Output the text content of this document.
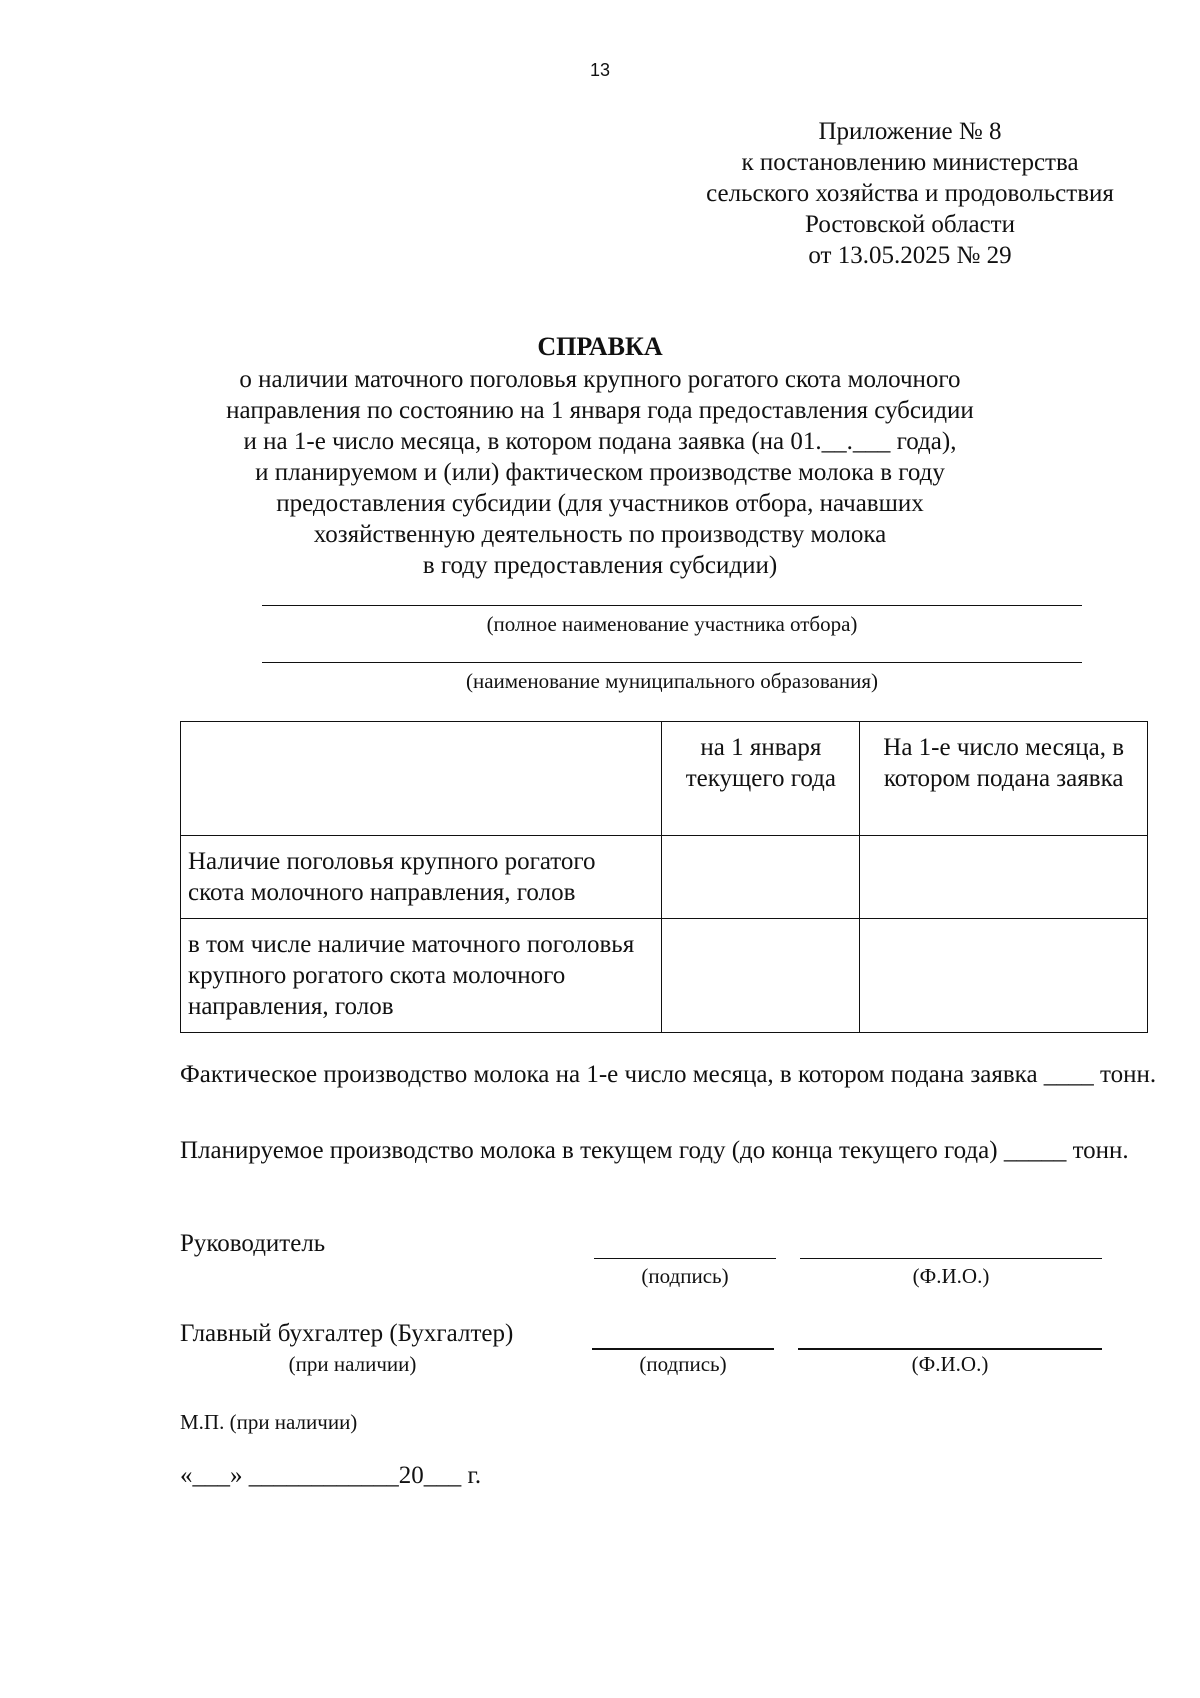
13
Приложение № 8
к постановлению министерства
сельского хозяйства и продовольствия
Ростовской области
от 13.05.2025 № 29
СПРАВКА
о наличии маточного поголовья крупного рогатого скота молочного
направления по состоянию на 1 января года предоставления субсидии
и на 1-е число месяца, в котором подана заявка (на 01.__.___ года),
и планируемом и (или) фактическом производстве молока в году
предоставления субсидии (для участников отбора, начавших
хозяйственную деятельность по производству молока
в году предоставления субсидии)
(полное наименование участника отбора)
(наименование муниципального образования)
	на 1 января текущего года	На 1-е число месяца, в котором подана заявка
Наличие поголовья крупного рогатого скота молочного направления, голов		
в том числе наличие маточного поголовья крупного рогатого скота молочного направления, голов		
Фактическое производство молока на 1-е число месяца, в котором подана заявка ____ тонн.
Планируемое производство молока в текущем году (до конца текущего года) _____ тонн.
Руководитель
(подпись)	(Ф.И.О.)
Главный бухгалтер (Бухгалтер)
(при наличии)	(подпись)	(Ф.И.О.)
М.П. (при наличии)
«___» ____________20___ г.
